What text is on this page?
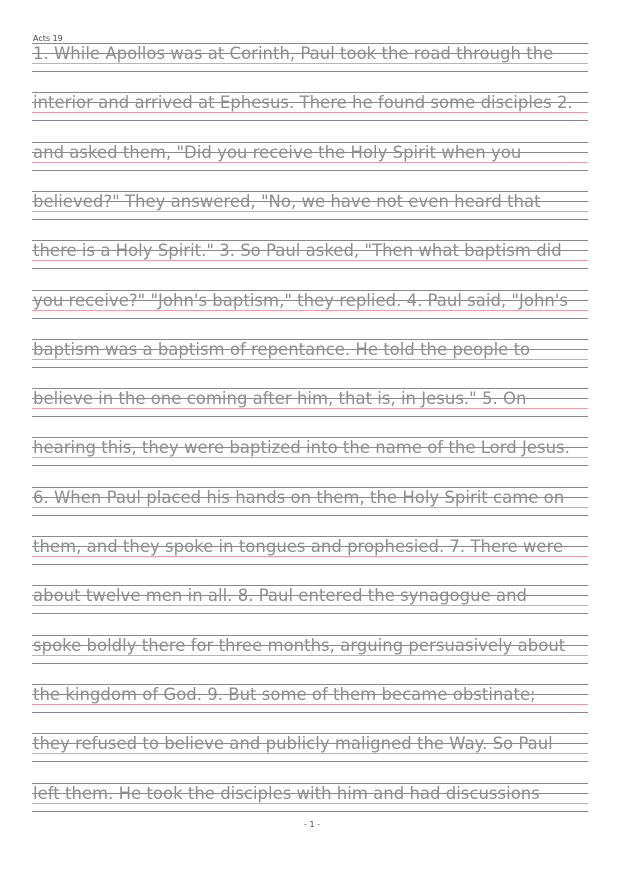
Acts 19
1. While Apollos was at Corinth, Paul took the road through the
interior and arrived at Ephesus. There he found some disciples 2.
and asked them, "Did you receive the Holy Spirit when you
believed?" They answered, "No, we have not even heard that
there is a Holy Spirit." 3. So Paul asked, "Then what baptism did
you receive?" "John's baptism," they replied. 4. Paul said, "John's
baptism was a baptism of repentance. He told the people to
believe in the one coming after him, that is, in Jesus." 5. On
hearing this, they were baptized into the name of the Lord Jesus.
6. When Paul placed his hands on them, the Holy Spirit came on
them, and they spoke in tongues and prophesied. 7. There were
about twelve men in all. 8. Paul entered the synagogue and
spoke boldly there for three months, arguing persuasively about
the kingdom of God. 9. But some of them became obstinate;
they refused to believe and publicly maligned the Way. So Paul
left them. He took the disciples with him and had discussions
- 1 -
